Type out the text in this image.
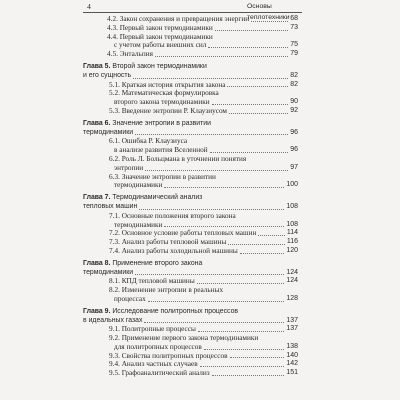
4	Основы теплотехники
4.2. Закон сохранения и превращения энергии	68
4.3. Первый закон термодинамики	73
4.4. Первый закон термодинамики
с учетом работы внешних сил	75
4.5. Энтальпия	79
Глава 5. Второй закон термодинамики
и его сущность	82
5.1. Краткая история открытия закона	82
5.2. Математическая формулировка
второго закона термодинамики	90
5.3. Введение энтропии Р. Клаузиусом	92
Глава 6. Значение энтропии в развитии
термодинамики	96
6.1. Ошибка Р. Клаузиуса
в анализе развития Вселенной	96
6.2. Роль Л. Больцмана в уточнении понятия
энтропии	97
6.3. Значение энтропии в развитии
термодинамики	100
Глава 7. Термодинамический анализ
тепловых машин	108
7.1. Основные положения второго закона
термодинамики	108
7.2. Основное условие работы тепловых машин	114
7.3. Анализ работы тепловой машины	116
7.4. Анализ работы холодильной машины	120
Глава 8. Применение второго закона
термодинамики	124
8.1. КПД тепловой машины	124
8.2. Изменение энтропии в реальных
процессах	128
Глава 9. Исследование политропных процессов
в идеальных газах	137
9.1. Политропные процессы	137
9.2. Применение первого закона термодинамики
для политропных процессов	138
9.3. Свойства политропных процессов	140
9.4. Анализ частных случаев	142
9.5. Графоаналитический анализ	151
